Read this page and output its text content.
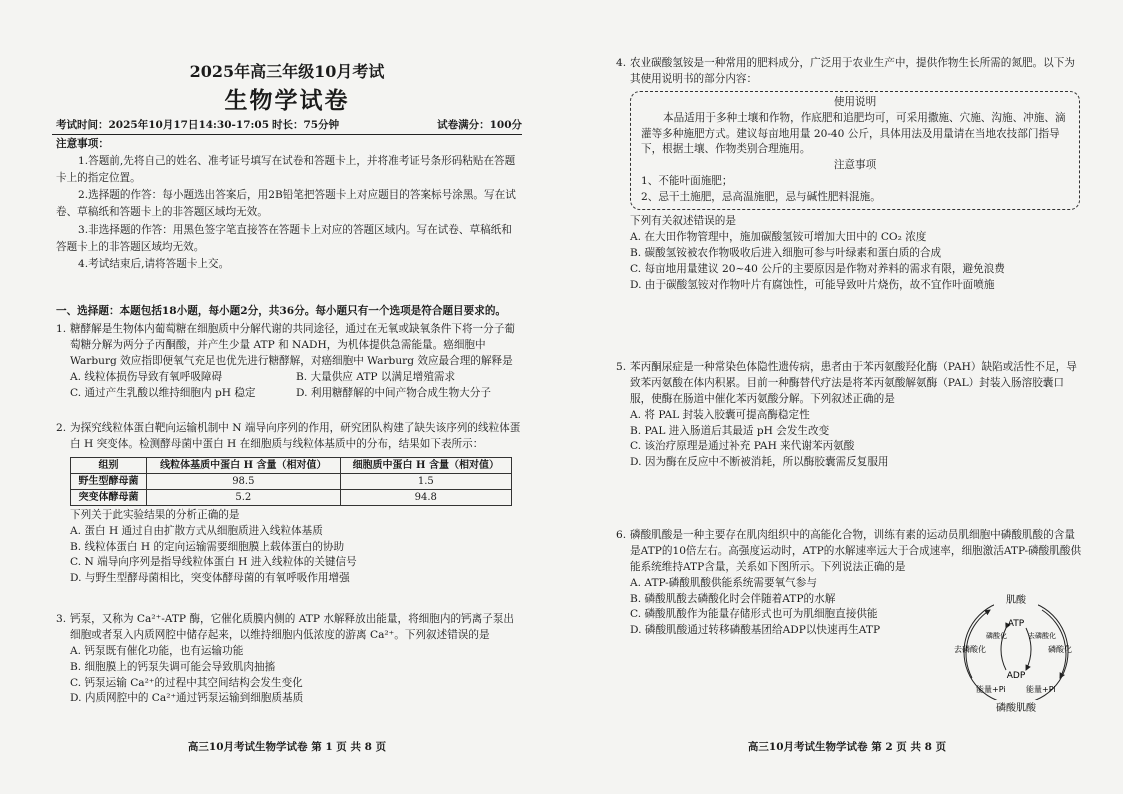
2025年高三年级10月考试
生物学试卷
考试时间：2025年10月17日14:30-17:05 时长：75分钟	试卷满分：100分
注意事项：

1.答题前,先将自己的姓名、准考证号填写在试卷和答题卡上，并将准考证号条形码粘贴在答题卡上的指定位置。

2.选择题的作答：每小题选出答案后，用2B铅笔把答题卡上对应题目的答案标号涂黑。写在试卷、草稿纸和答题卡上的非答题区域均无效。

3.非选择题的作答：用黑色签字笔直接答在答题卡上对应的答题区域内。写在试卷、草稿纸和答题卡上的非答题区域均无效。

4.考试结束后,请将答题卡上交。

一、选择题：本题包括18小题，每小题2分，共36分。每小题只有一个选项是符合题目要求的。

1. 糖酵解是生物体内葡萄糖在细胞质中分解代谢的共同途径，通过在无氧或缺氧条件下将一分子葡萄糖分解为两分子丙酮酸，并产生少量 ATP 和 NADH，为机体提供急需能量。癌细胞中 Warburg 效应指即便氧气充足也优先进行糖酵解，对癌细胞中 Warburg 效应最合理的解释是

A. 线粒体损伤导致有氧呼吸障碍	B. 大量供应 ATP 以满足增殖需求
C. 通过产生乳酸以维持细胞内 pH 稳定	D. 利用糖酵解的中间产物合成生物大分子

2. 为探究线粒体蛋白靶向运输机制中 N 端导向序列的作用，研究团队构建了缺失该序列的线粒体蛋白 H 突变体。检测酵母菌中蛋白 H 在细胞质与线粒体基质中的分布，结果如下表所示：

组别	线粒体基质中蛋白 H 含量（相对值）	细胞质中蛋白 H 含量（相对值）
野生型酵母菌	98.5	1.5
突变体酵母菌	5.2	94.8

下列关于此实验结果的分析正确的是

A. 蛋白 H 通过自由扩散方式从细胞质进入线粒体基质

B. 线粒体蛋白 H 的定向运输需要细胞膜上载体蛋白的协助

C. N 端导向序列是指导线粒体蛋白 H 进入线粒体的关键信号

D. 与野生型酵母菌相比，突变体酵母菌的有氧呼吸作用增强

3. 钙泵，又称为 Ca²⁺-ATP 酶，它催化质膜内侧的 ATP 水解释放出能量，将细胞内的钙离子泵出细胞或者泵入内质网腔中储存起来，以维持细胞内低浓度的游离 Ca²⁺。下列叙述错误的是

A. 钙泵既有催化功能，也有运输功能

B. 细胞膜上的钙泵失调可能会导致肌肉抽搐

C. 钙泵运输 Ca²⁺的过程中其空间结构会发生变化

D. 内质网腔中的 Ca²⁺通过钙泵运输到细胞质基质

高三10月考试生物学试卷 第 1 页 共 8 页

4. 农业碳酸氢铵是一种常用的肥料成分，广泛用于农业生产中，提供作物生长所需的氮肥。以下为其使用说明书的部分内容：

使用说明

本品适用于多种土壤和作物，作底肥和追肥均可，可采用撒施、穴施、沟施、冲施、滴灌等多种施肥方式。建议每亩地用量 20-40 公斤，具体用法及用量请在当地农技部门指导下，根据土壤、作物类别合理施用。

注意事项

1、不能叶面施肥；

2、忌干土施肥，忌高温施肥，忌与碱性肥料混施。

下列有关叙述错误的是

A. 在大田作物管理中，施加碳酸氢铵可增加大田中的 CO₂ 浓度

B. 碳酸氢铵被农作物吸收后进入细胞可参与叶绿素和蛋白质的合成

C. 每亩地用量建议 20~40 公斤的主要原因是作物对养料的需求有限，避免浪费

D. 由于碳酸氢铵对作物叶片有腐蚀性，可能导致叶片烧伤，故不宜作叶面喷施

5. 苯丙酮尿症是一种常染色体隐性遗传病，患者由于苯丙氨酸羟化酶（PAH）缺陷或活性不足，导致苯丙氨酸在体内积累。目前一种酶替代疗法是将苯丙氨酸解氨酶（PAL）封装入肠溶胶囊口服，使酶在肠道中催化苯丙氨酸分解。下列叙述正确的是

A. 将 PAL 封装入胶囊可提高酶稳定性

B. PAL 进入肠道后其最适 pH 会发生改变

C. 该治疗原理是通过补充 PAH 来代谢苯丙氨酸

D. 因为酶在反应中不断被消耗，所以酶胶囊需反复服用

6. 磷酸肌酸是一种主要存在肌肉组织中的高能化合物，训练有素的运动员肌细胞中磷酸肌酸的含量是ATP的10倍左右。高强度运动时，ATP的水解速率远大于合成速率，细胞激活ATP-磷酸肌酸供能系统维持ATP含量，关系如下图所示。下列说法正确的是

A. ATP-磷酸肌酸供能系统需要氧气参与

B. 磷酸肌酸去磷酸化时会伴随着ATP的水解

C. 磷酸肌酸作为能量存储形式也可为肌细胞直接供能

D. 磷酸肌酸通过转移磷酸基团给ADP以快速再生ATP

肌酸
磷酸肌酸
ATP
ADP
去磷酸化	磷酸化
磷酸化	去磷酸化
能量+Pi	能量+Pi
高三10月考试生物学试卷 第 2 页 共 8 页
